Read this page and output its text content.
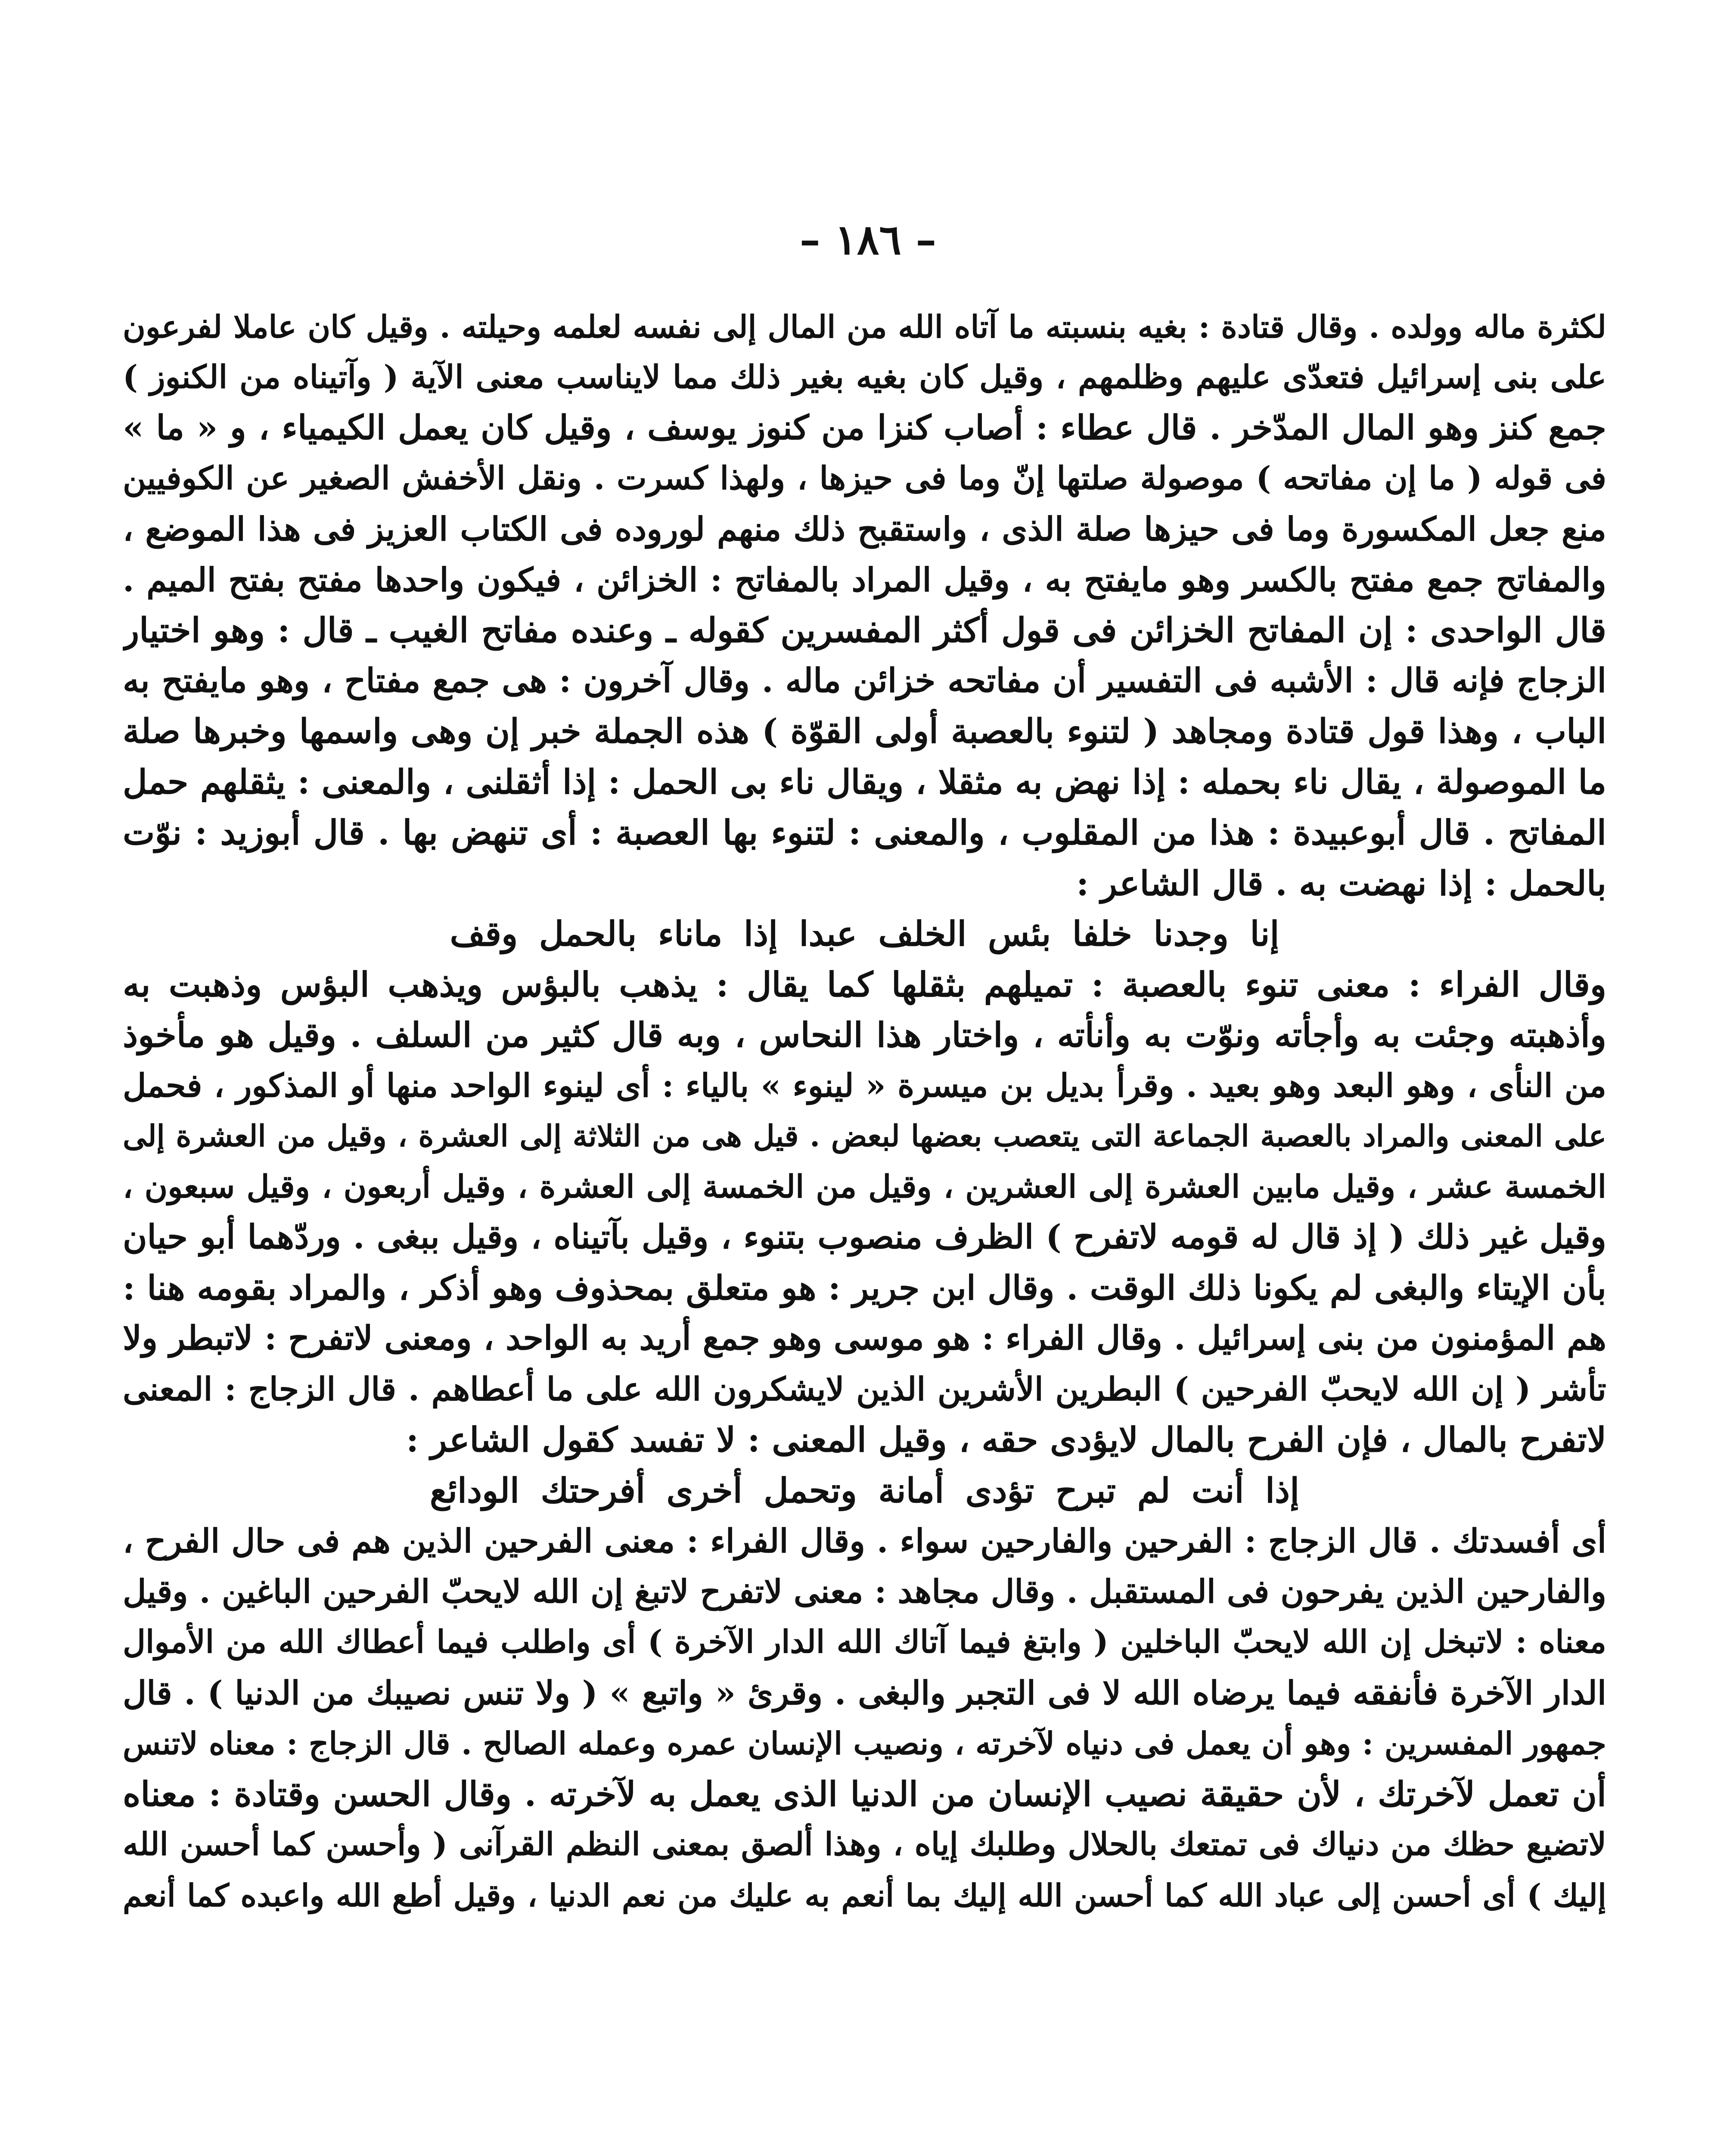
– ١٨٦ –
لكثرة ماله وولده . وقال قتادة : بغيه بنسبته ما آتاه الله من المال إلى نفسه لعلمه وحيلته . وقيل كان عاملا لفرعون
على بنى إسرائيل فتعدّى عليهم وظلمهم ، وقيل كان بغيه بغير ذلك مما لايناسب معنى الآية ( وآتيناه من الكنوز )
جمع كنز وهو المال المدّخر . قال عطاء : أصاب كنزا من كنوز يوسف ، وقيل كان يعمل الكيمياء ، و « ما »
فى قوله ( ما إن مفاتحه ) موصولة صلتها إنّ وما فى حيزها ، ولهذا كسرت . ونقل الأخفش الصغير عن الكوفيين
منع جعل المكسورة وما فى حيزها صلة الذى ، واستقبح ذلك منهم لوروده فى الكتاب العزيز فى هذا الموضع ،
والمفاتح جمع مفتح بالكسر وهو مايفتح به ، وقيل المراد بالمفاتح : الخزائن ، فيكون واحدها مفتح بفتح الميم .
قال الواحدى : إن المفاتح الخزائن فى قول أكثر المفسرين كقوله ـ وعنده مفاتح الغيب ـ قال : وهو اختيار
الزجاج فإنه قال : الأشبه فى التفسير أن مفاتحه خزائن ماله . وقال آخرون : هى جمع مفتاح ، وهو مايفتح به
الباب ، وهذا قول قتادة ومجاهد ( لتنوء بالعصبة أولى القوّة ) هذه الجملة خبر إن وهى واسمها وخبرها صلة
ما الموصولة ، يقال ناء بحمله : إذا نهض به مثقلا ، ويقال ناء بى الحمل : إذا أثقلنى ، والمعنى : يثقلهم حمل
المفاتح . قال أبوعبيدة : هذا من المقلوب ، والمعنى : لتنوء بها العصبة : أى تنهض بها . قال أبوزيد : نوّت
بالحمل : إذا نهضت به . قال الشاعر :
إنا وجدنا خلفا بئس الخلف عبدا إذا ماناء بالحمل وقف
وقال الفراء : معنى تنوء بالعصبة : تميلهم بثقلها كما يقال : يذهب بالبؤس ويذهب البؤس وذهبت به
وأذهبته وجئت به وأجأته ونوّت به وأنأته ، واختار هذا النحاس ، وبه قال كثير من السلف . وقيل هو مأخوذ
من النأى ، وهو البعد وهو بعيد . وقرأ بديل بن ميسرة « لينوء » بالياء : أى لينوء الواحد منها أو المذكور ، فحمل
على المعنى والمراد بالعصبة الجماعة التى يتعصب بعضها لبعض . قيل هى من الثلاثة إلى العشرة ، وقيل من العشرة إلى
الخمسة عشر ، وقيل مابين العشرة إلى العشرين ، وقيل من الخمسة إلى العشرة ، وقيل أربعون ، وقيل سبعون ،
وقيل غير ذلك ( إذ قال له قومه لاتفرح ) الظرف منصوب بتنوء ، وقيل بآتيناه ، وقيل ببغى . وردّهما أبو حيان
بأن الإيتاء والبغى لم يكونا ذلك الوقت . وقال ابن جرير : هو متعلق بمحذوف وهو أذكر ، والمراد بقومه هنا :
هم المؤمنون من بنى إسرائيل . وقال الفراء : هو موسى وهو جمع أريد به الواحد ، ومعنى لاتفرح : لاتبطر ولا
تأشر ( إن الله لايحبّ الفرحين ) البطرين الأشرين الذين لايشكرون الله على ما أعطاهم . قال الزجاج : المعنى
لاتفرح بالمال ، فإن الفرح بالمال لايؤدى حقه ، وقيل المعنى : لا تفسد كقول الشاعر :
إذا أنت لم تبرح تؤدى أمانة وتحمل أخرى أفرحتك الودائع
أى أفسدتك . قال الزجاج : الفرحين والفارحين سواء . وقال الفراء : معنى الفرحين الذين هم فى حال الفرح ،
والفارحين الذين يفرحون فى المستقبل . وقال مجاهد : معنى لاتفرح لاتبغ إن الله لايحبّ الفرحين الباغين . وقيل
معناه : لاتبخل إن الله لايحبّ الباخلين ( وابتغ فيما آتاك الله الدار الآخرة ) أى واطلب فيما أعطاك الله من الأموال
الدار الآخرة فأنفقه فيما يرضاه الله لا فى التجبر والبغى . وقرئ « واتبع » ( ولا تنس نصيبك من الدنيا ) . قال
جمهور المفسرين : وهو أن يعمل فى دنياه لآخرته ، ونصيب الإنسان عمره وعمله الصالح . قال الزجاج : معناه لاتنس
أن تعمل لآخرتك ، لأن حقيقة نصيب الإنسان من الدنيا الذى يعمل به لآخرته . وقال الحسن وقتادة : معناه
لاتضيع حظك من دنياك فى تمتعك بالحلال وطلبك إياه ، وهذا ألصق بمعنى النظم القرآنى ( وأحسن كما أحسن الله
إليك ) أى أحسن إلى عباد الله كما أحسن الله إليك بما أنعم به عليك من نعم الدنيا ، وقيل أطع الله واعبده كما أنعم
